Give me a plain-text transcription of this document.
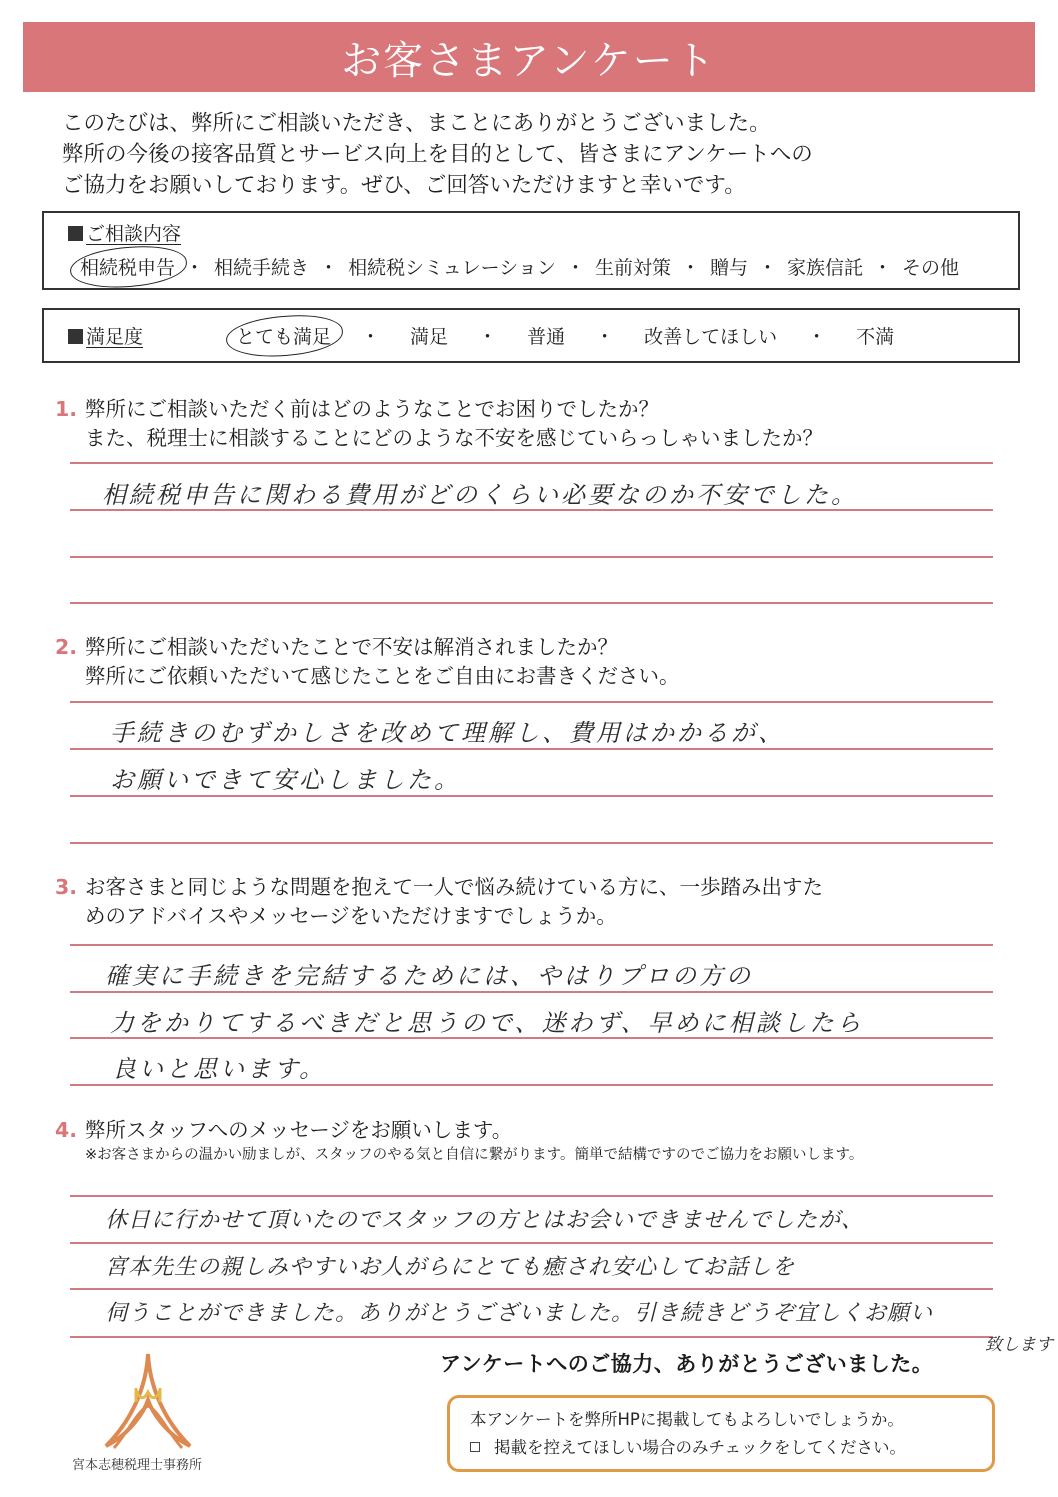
お客さまアンケート
このたびは、弊所にご相談いただき、まことにありがとうございました。
弊所の今後の接客品質とサービス向上を目的として、皆さまにアンケートへの
ご協力をお願いしております。ぜひ、ご回答いただけますと幸いです。
ご相談内容
相続税申告 ・ 相続手続き ・ 相続税シミュレーション ・ 生前対策 ・ 贈与 ・ 家族信託 ・ その他
満足度	とても満足	・	満足	・	普通	・	改善してほしい	・	不満
1. 弊所にご相談いただく前はどのようなことでお困りでしたか？
また、税理士に相談することにどのような不安を感じていらっしゃいましたか？
相続税申告に関わる費用がどのくらい必要なのか不安でした。
2. 弊所にご相談いただいたことで不安は解消されましたか？
弊所にご依頼いただいて感じたことをご自由にお書きください。
手続きのむずかしさを改めて理解し、費用はかかるが、
お願いできて安心しました。
3. お客さまと同じような問題を抱えて一人で悩み続けている方に、一歩踏み出すた
めのアドバイスやメッセージをいただけますでしょうか。
確実に手続きを完結するためには、やはりプロの方の
力をかりてするべきだと思うので、迷わず、早めに相談したら
良いと思います。
4. 弊所スタッフへのメッセージをお願いします。
※お客さまからの温かい励ましが、スタッフのやる気と自信に繋がります。簡単で結構ですのでご協力をお願いします。
休日に行かせて頂いたのでスタッフの方とはお会いできませんでしたが、
宮本先生の親しみやすいお人がらにとても癒され安心してお話しを
伺うことができました。ありがとうございました。引き続きどうぞ宜しくお願い
致します
宮本志穂税理士事務所
アンケートへのご協力、ありがとうございました。
本アンケートを弊所HPに掲載してもよろしいでしょうか。
掲載を控えてほしい場合のみチェックをしてください。
